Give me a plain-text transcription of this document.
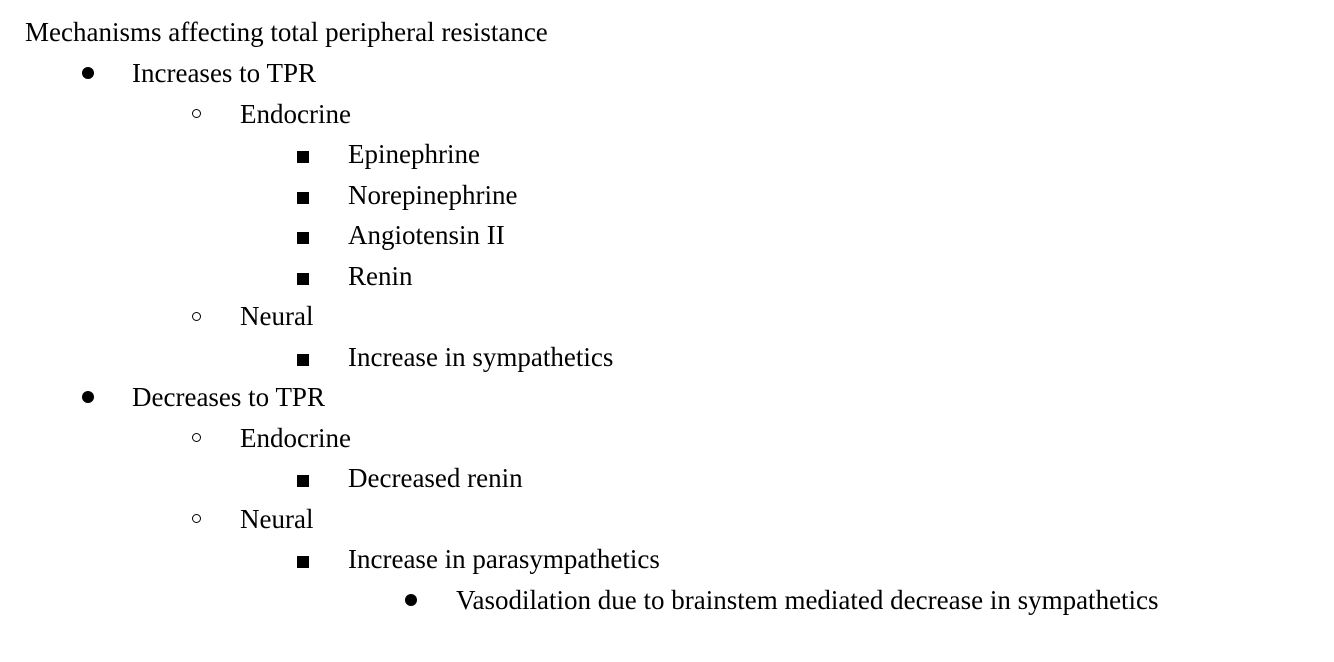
Mechanisms affecting total peripheral resistance
Increases to TPR
Endocrine
Epinephrine
Norepinephrine
Angiotensin II
Renin
Neural
Increase in sympathetics
Decreases to TPR
Endocrine
Decreased renin
Neural
Increase in parasympathetics
Vasodilation due to brainstem mediated decrease in sympathetics
